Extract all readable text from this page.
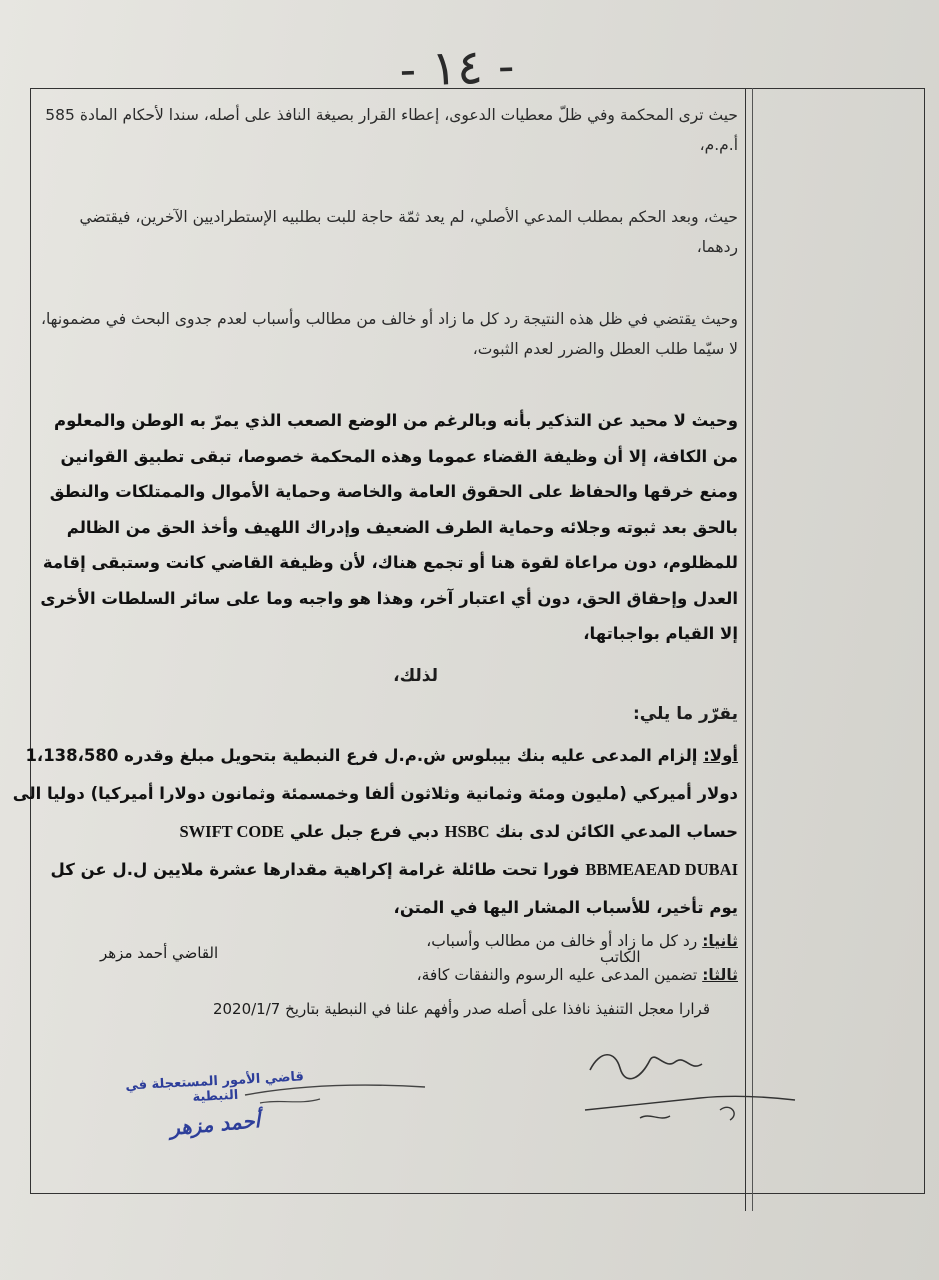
- ١٤ -

حيث ترى المحكمة وفي ظلّ معطيات الدعوى، إعطاء القرار بصيغة النافذ على أصله، سندا لأحكام المادة 585 أ.م.م،

حيث، وبعد الحكم بمطلب المدعي الأصلي، لم يعد ثمّة حاجة للبت بطلبيه الإستطراديين الآخرين، فيقتضي ردهما،

وحيث يقتضي في ظل هذه النتيجة رد كل ما زاد أو خالف من مطالب وأسباب لعدم جدوى البحث في مضمونها، لا سيّما طلب العطل والضرر لعدم الثبوت،

وحيث لا محيد عن التذكير بأنه وبالرغم من الوضع الصعب الذي يمرّ به الوطن والمعلوم من الكافة، إلا أن وظيفة القضاء عموما وهذه المحكمة خصوصا، تبقى تطبيق القوانين ومنع خرقها والحفاظ على الحقوق العامة والخاصة وحماية الأموال والممتلكات والنطق بالحق بعد ثبوته وجلائه وحماية الطرف الضعيف وإدراك اللهيف وأخذ الحق من الظالم للمظلوم، دون مراعاة لقوة هنا أو تجمع هناك، لأن وظيفة القاضي كانت وستبقى إقامة العدل وإحقاق الحق، دون أي اعتبار آخر، وهذا هو واجبه وما على سائر السلطات الأخرى إلا القيام بواجباتها،

لذلك،
يقرّر ما يلي:
أولا: إلزام المدعى عليه بنك بيبلوس ش.م.ل فرع النبطية بتحويل مبلغ وقدره 1،138،580
دولار أميركي (مليون ومئة وثمانية وثلاثون ألفا وخمسمئة وثمانون دولارا أميركيا) دوليا الى
حساب المدعي الكائن لدى بنك HSBC دبي فرع جبل علي SWIFT CODE
BBMEAEAD DUBAI فورا تحت طائلة غرامة إكراهية مقدارها عشرة ملايين ل.ل عن كل
يوم تأخير، للأسباب المشار اليها في المتن،
ثانيا: رد كل ما زاد أو خالف من مطالب وأسباب،
ثالثا: تضمين المدعى عليه الرسوم والنفقات كافة،
قرارا معجل التنفيذ نافذا على أصله صدر وأفهم علنا في النبطية بتاريخ 2020/1/7
القاضي أحمد مزهر	الكاتب
قاضي الأمور المستعجلة في النبطية
أحمد مزهر
